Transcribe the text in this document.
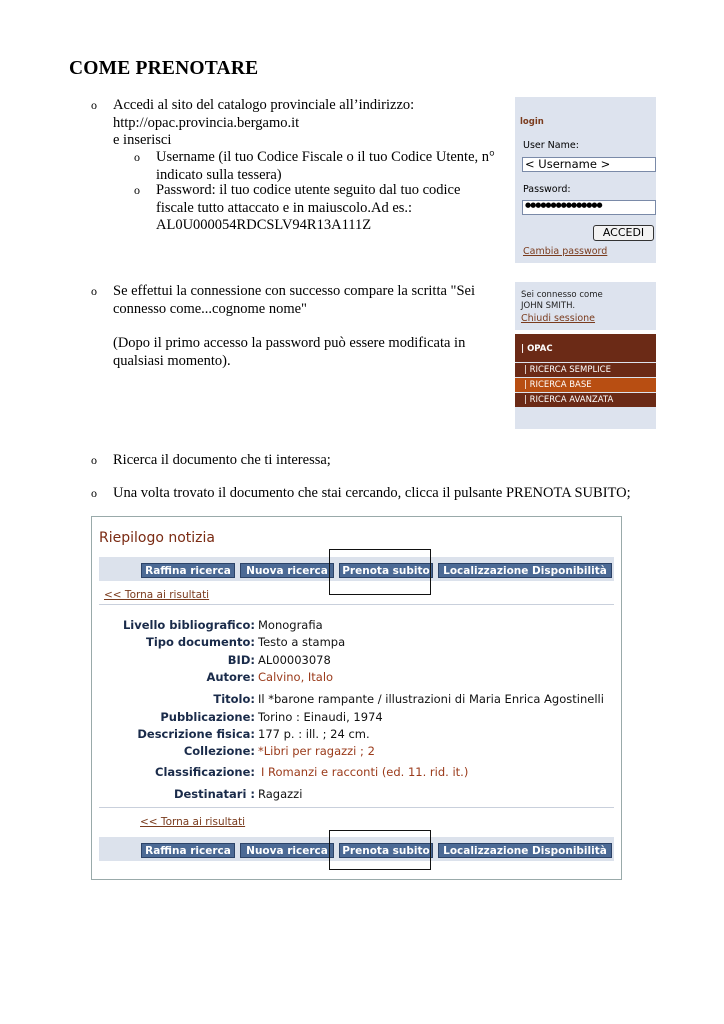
COME PRENOTARE
o Accedi al sito del catalogo provinciale all’indirizzo:
http://opac.provincia.bergamo.it
e inserisci
o Username (il tuo Codice Fiscale o il tuo Codice Utente, n°
indicato sulla tessera)
o Password: il tuo codice utente seguito dal tuo codice
fiscale tutto attaccato e in maiuscolo.Ad es.:
AL0U000054RDCSLV94R13A111Z
login
User Name:
< Username >
Password:
●●●●●●●●●●●●●●●
ACCEDI
Cambia password
o Se effettui la connessione con successo compare la scritta "Sei
connesso come...cognome nome"
(Dopo il primo accesso la password può essere modificata in
qualsiasi momento).
Sei connesso come
JOHN SMITH.
Chiudi sessione
| OPAC
| RICERCA SEMPLICE
| RICERCA BASE
| RICERCA AVANZATA
o Ricerca il documento che ti interessa;
o Una volta trovato il documento che stai cercando, clicca il pulsante PRENOTA SUBITO;
Riepilogo notizia
Raffina ricerca	Nuova ricerca	Prenota subito	Localizzazione Disponibilità
<< Torna ai risultati
Livello bibliografico: Monografia
Tipo documento: Testo a stampa
BID: AL00003078
Autore: Calvino, Italo
Titolo: Il *barone rampante / illustrazioni di Maria Enrica Agostinelli
Pubblicazione: Torino : Einaudi, 1974
Descrizione fisica: 177 p. : ill. ; 24 cm.
Collezione: *Libri per ragazzi ; 2
Classificazione: I Romanzi e racconti (ed. 11. rid. it.)
Destinatari : Ragazzi
<< Torna ai risultati
Raffina ricerca	Nuova ricerca	Prenota subito	Localizzazione Disponibilità
